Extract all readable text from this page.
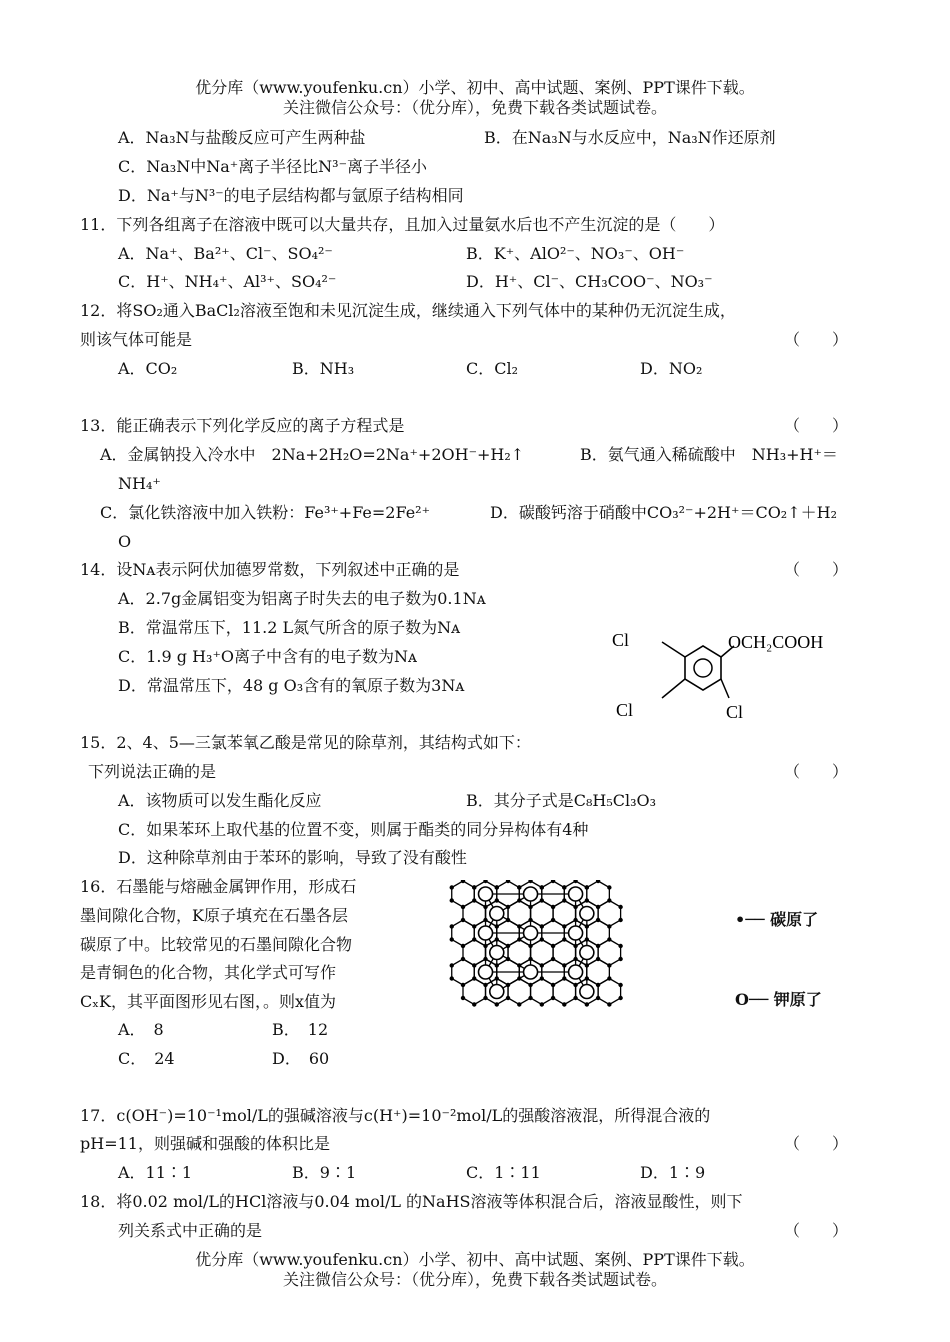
优分库（www.youfenku.cn）小学、初中、高中试题、案例、PPT课件下载。
关注微信公众号：（优分库），免费下载各类试题试卷。
A．Na₃N与盐酸反应可产生两种盐	B．在Na₃N与水反应中，Na₃N作还原剂
C．Na₃N中Na⁺离子半径比N³⁻离子半径小
D．Na⁺与N³⁻的电子层结构都与氩原子结构相同
11．下列各组离子在溶液中既可以大量共存，且加入过量氨水后也不产生沉淀的是（　　）
A．Na⁺、Ba²⁺、Cl⁻、SO₄²⁻	B．K⁺、AlO²⁻、NO₃⁻、OH⁻
C．H⁺、NH₄⁺、Al³⁺、SO₄²⁻	D．H⁺、Cl⁻、CH₃COO⁻、NO₃⁻
12．将SO₂通入BaCl₂溶液至饱和未见沉淀生成，继续通入下列气体中的某种仍无沉淀生成，
则该气体可能是	（　　）
A．CO₂	B．NH₃	C．Cl₂	D．NO₂
13．能正确表示下列化学反应的离子方程式是	（　　）
A．金属钠投入冷水中　2Na+2H₂O=2Na⁺+2OH⁻+H₂↑	B．氨气通入稀硫酸中　NH₃+H⁺＝
NH₄⁺
C．氯化铁溶液中加入铁粉：Fe³⁺+Fe=2Fe²⁺	D．碳酸钙溶于硝酸中CO₃²⁻+2H⁺＝CO₂↑＋H₂
O
14．设Nᴀ表示阿伏加德罗常数，下列叙述中正确的是	（　　）
A．2.7g金属铝变为铝离子时失去的电子数为0.1Nᴀ
B．常温常压下，11.2 L氮气所含的原子数为Nᴀ
C．1.9 g H₃⁺O离子中含有的电子数为Nᴀ
D．常温常压下，48 g O₃含有的氧原子数为3Nᴀ
Cl	OCH₂COOH
Cl	Cl
15．2、4、5—三氯苯氧乙酸是常见的除草剂，其结构式如下：
下列说法正确的是	（　　）
A．该物质可以发生酯化反应	B．其分子式是C₈H₅Cl₃O₃
C．如果苯环上取代基的位置不变，则属于酯类的同分异构体有4种
D．这种除草剂由于苯环的影响，导致了没有酸性
16．石墨能与熔融金属钾作用，形成石
墨间隙化合物，K原子填充在石墨各层
碳原了中。比较常见的石墨间隙化合物
是青铜色的化合物，其化学式可写作
CₓK，其平面图形见右图，。则x值为
A．　8	B．　12
C．　24	D．　60
•── 碳原了
O── 钾原了
17．c(OH⁻)=10⁻¹mol/L的强碱溶液与c(H⁺)=10⁻²mol/L的强酸溶液混，所得混合液的
pH=11，则强碱和强酸的体积比是	（　　）
A．11∶1	B．9∶1	C．1∶11	D．1∶9
18．将0.02 mol/L的HCl溶液与0.04 mol/L 的NaHS溶液等体积混合后，溶液显酸性，则下
列关系式中正确的是	（　　）
优分库（www.youfenku.cn）小学、初中、高中试题、案例、PPT课件下载。
关注微信公众号：（优分库），免费下载各类试题试卷。
